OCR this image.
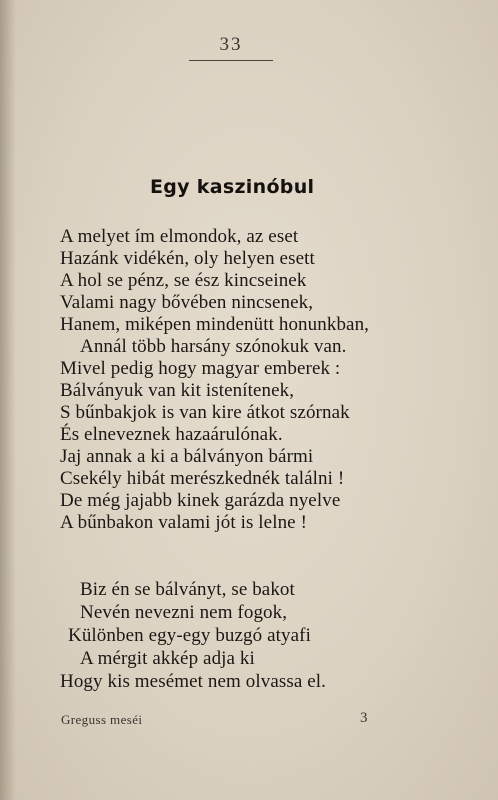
33
Egy kaszinóbul
A melyet ím elmondok, az eset
Hazánk vidékén, oly helyen esett
A hol se pénz, se ész kincseinek
Valami nagy bővében nincsenek,
Hanem, miképen mindenütt honunkban,
Annál több harsány szónokuk van.
Mivel pedig hogy magyar emberek :
Bálványuk van kit istenítenek,
S bűnbakjok is van kire átkot szórnak
És elneveznek hazaárulónak.
Jaj annak a ki a bálványon bármi
Csekély hibát merészkednék találni !
De még jajabb kinek garázda nyelve
A bűnbakon valami jót is lelne !
Biz én se bálványt, se bakot
Nevén nevezni nem fogok,
Különben egy-egy buzgó atyafi
A mérgit akkép adja ki
Hogy kis mesémet nem olvassa el.
Greguss meséi	3
